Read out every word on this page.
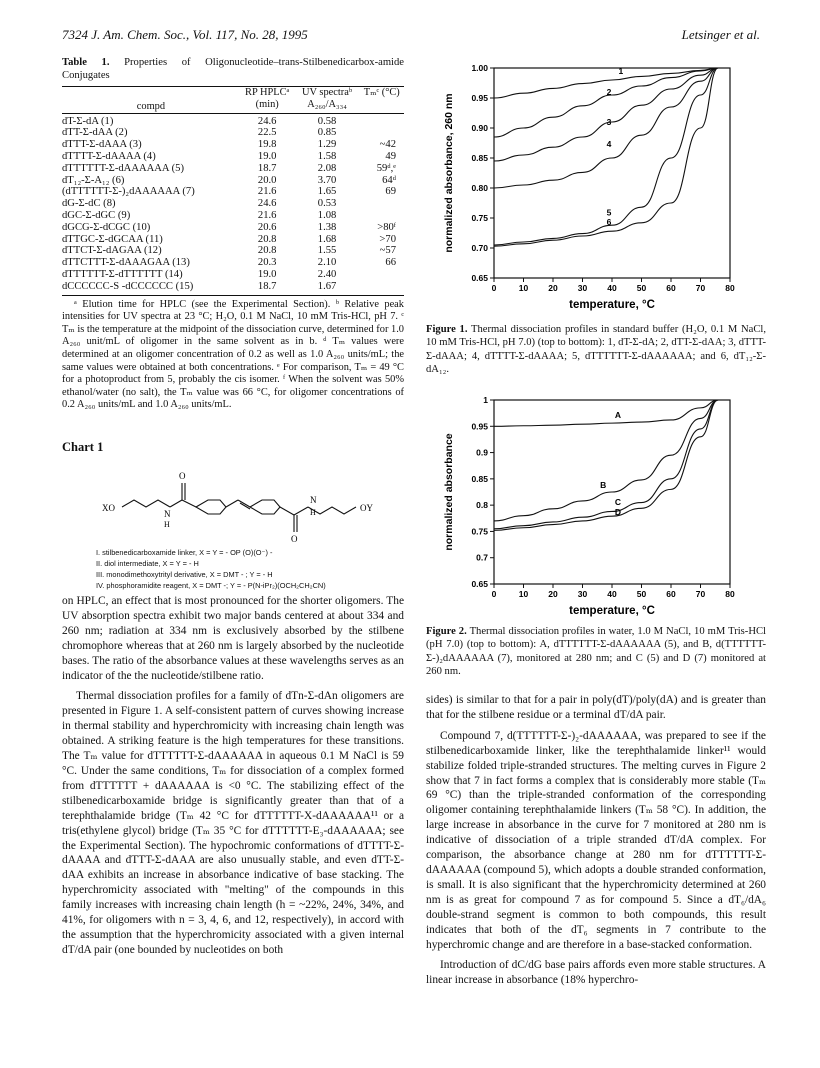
7324 J. Am. Chem. Soc., Vol. 117, No. 28, 1995	Letsinger et al.
Table 1. Properties of Oligonucleotide–trans-Stilbenedicarbox-amide Conjugates
compd	RP HPLCᵃ (min)	UV spectraᵇ A₂₆₀/A₃₃₄	Tₘᶜ (°C)

dT-Σ-dA (1)	24.6	0.58	
dTT-Σ-dAA (2)	22.5	0.85	
dTTT-Σ-dAAA (3)	19.8	1.29	~42
dTTTT-Σ-dAAAA (4)	19.0	1.58	49
dTTTTTT-Σ-dAAAAAA (5)	18.7	2.08	59ᵈ,ᵉ
dT₁₂-Σ-A₁₂ (6)	20.0	3.70	64ᵈ
(dTTTTTT-Σ-)₂dAAAAAA (7)	21.6	1.65	69
dG-Σ-dC (8)	24.6	0.53	
dGC-Σ-dGC (9)	21.6	1.08	
dGCG-Σ-dCGC (10)	20.6	1.38	>80ᶠ
dTTGC-Σ-dGCAA (11)	20.8	1.68	>70
dTTCT-Σ-dAGAA (12)	20.8	1.55	~57
dTTCTTT-Σ-dAAAGAA (13)	20.3	2.10	66
dTTTTTT-Σ-dTTTTTT (14)	19.0	2.40	
dCCCCCC-S -dCCCCCC (15)	18.7	1.67	
ᵃ Elution time for HPLC (see the Experimental Section). ᵇ Relative peak intensities for UV spectra at 23 °C; H₂O, 0.1 M NaCl, 10 mM Tris-HCl, pH 7. ᶜ Tₘ is the temperature at the midpoint of the dissociation curve, determined for 1.0 A₂₆₀ unit/mL of oligomer in the same solvent as in b. ᵈ Tₘ values were determined at an oligomer concentration of 0.2 as well as 1.0 A₂₆₀ units/mL; the same values were obtained at both concentrations. ᵉ For comparison, Tₘ = 49 °C for a photoproduct from 5, probably the cis isomer. ᶠ When the solvent was 50% ethanol/water (no salt), the Tₘ value was 66 °C, for oligomer concentrations of 0.2 A₂₆₀ units/mL and 1.0 A₂₆₀ units/mL.
Chart 1
XO
O
N
H
O
N
H	OY
I. stilbenedicarboxamide linker, X = Y = - OP (O)(O⁻) -
II. diol intermediate, X = Y = - H
III. monodimethoxytrityl derivative, X = DMT - ; Y = - H
IV. phosphoramidite reagent, X = DMT -; Y = - P(N-iPr₂)(OCH₂CH₂CN)

on HPLC, an effect that is most pronounced for the shorter oligomers. The UV absorption spectra exhibit two major bands centered at about 334 and 260 nm; radiation at 334 nm is exclusively absorbed by the stilbene chromophore whereas that at 260 nm is largely absorbed by the nucleotide bases. The ratio of the absorbance values at these wavelengths serves as an indicator of the the nucleotide/stilbene ratio.

Thermal dissociation profiles for a family of dTn-Σ-dAn oligomers are presented in Figure 1. A self-consistent pattern of curves showing increase in thermal stability and hyperchromicity with increasing chain length was obtained. A striking feature is the high temperatures for these transitions. The Tₘ value for dTTTTTT-Σ-dAAAAAA in aqueous 0.1 M NaCl is 59 °C. Under the same conditions, Tₘ for dissociation of a complex formed from dTTTTTT + dAAAAAA is <0 °C. The stabilizing effect of the stilbenedicarboxamide bridge is significantly greater than that of a terephthalamide bridge (Tₘ 42 °C for dTTTTTT-X-dAAAAAA¹¹ or a tris(ethylene glycol) bridge (Tₘ 35 °C for dTTTTTT-E₃-dAAAAAA; see the Experimental Section). The hypochromic conformations of dTTTT-Σ-dAAAA and dTTT-Σ-dAAA are also unusually stable, and even dTT-Σ-dAA exhibits an increase in absorbance indicative of base stacking. The hyperchromicity associated with "melting" of the compounds in this family increases with increasing chain length (h = ~22%, 24%, 34%, and 41%, for oligomers with n = 3, 4, 6, and 12, respectively), in accord with the assumption that the hyperchromicity associated with a given internal dT/dA pair (one bounded by nucleotides on both

0	10 20 30 40 50 60 70 80
0.65
0.70
0.75
0.80
0.85
0.90
0.95
1.00
temperature, °C
normalized absorbance, 260 nm
1
2
3
4
5
6
Figure 1. Thermal dissociation profiles in standard buffer (H₂O, 0.1 M NaCl, 10 mM Tris-HCl, pH 7.0) (top to bottom): 1, dT-Σ-dA; 2, dTT-Σ-dAA; 3, dTTT-Σ-dAAA; 4, dTTTT-Σ-dAAAA; 5, dTTTTTT-Σ-dAAAAAA; and 6, dT₁₂-Σ-dA₁₂.
0	10 20 30 40 50 60 70 80
0.65
0.7
0.75
0.8
0.85
0.9
0.95
1
temperature, °C
normalized absorbance
A
B
C
D
Figure 2. Thermal dissociation profiles in water, 1.0 M NaCl, 10 mM Tris-HCl (pH 7.0) (top to bottom): A, dTTTTTT-Σ-dAAAAAA (5), and B, d(TTTTTT-Σ-)₂dAAAAAA (7), monitored at 280 nm; and C (5) and D (7) monitored at 260 nm.

sides) is similar to that for a pair in poly(dT)/poly(dA) and is greater than that for the stilbene residue or a terminal dT/dA pair.

Compound 7, d(TTTTTT-Σ-)₂-dAAAAAA, was prepared to see if the stilbenedicarboxamide linker, like the terephthalamide linker¹¹ would stabilize folded triple-stranded structures. The melting curves in Figure 2 show that 7 in fact forms a complex that is considerably more stable (Tₘ 69 °C) than the triple-stranded conformation of the corresponding oligomer containing terephthalamide linkers (Tₘ 58 °C). In addition, the large increase in absorbance in the curve for 7 monitored at 280 nm is indicative of dissociation of a triple stranded dT/dA complex. For comparison, the absorbance change at 280 nm for dTTTTTT-Σ-dAAAAAA (compound 5), which adopts a double stranded conformation, is small. It is also significant that the hyperchromicity determined at 260 nm is as great for compound 7 as for compound 5. Since a dT₆/dA₆ double-strand segment is common to both compounds, this result indicates that both of the dT₆ segments in 7 contribute to the hyperchromic change and are therefore in a base-stacked conformation.

Introduction of dC/dG base pairs affords even more stable structures. A linear increase in absorbance (18% hyperchro-
